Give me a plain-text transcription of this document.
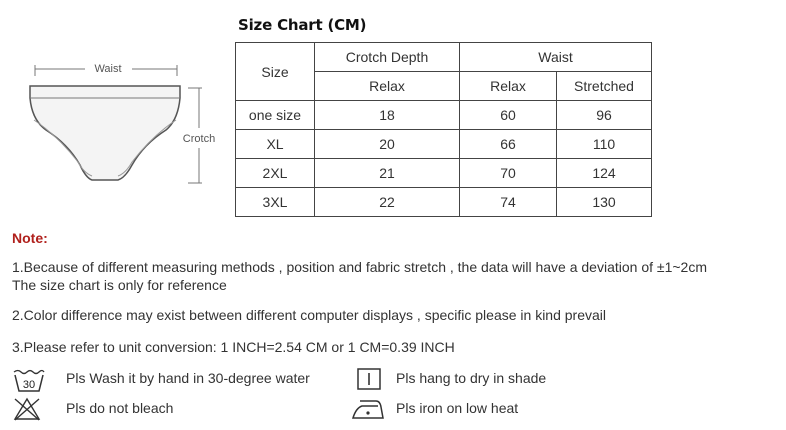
Waist
Crotch
Size Chart (CM)
Size	Crotch Depth	Waist	
	Relax	Relax	Stretched
one size	18	60	96
XL	20	66	110
2XL	21	70	124
3XL	22	74	130
Note:
1.Because of different measuring methods , position and fabric stretch , the data will have a deviation of ±1~2cm
The size chart is only for reference
2.Color difference may exist between different computer displays , specific please in kind prevail
3.Please refer to unit conversion: 1 INCH=2.54 CM or 1 CM=0.39 INCH
30 Pls Wash it by hand in 30-degree water	Pls hang to dry in shade
Pls do not bleach	Pls iron on low heat
